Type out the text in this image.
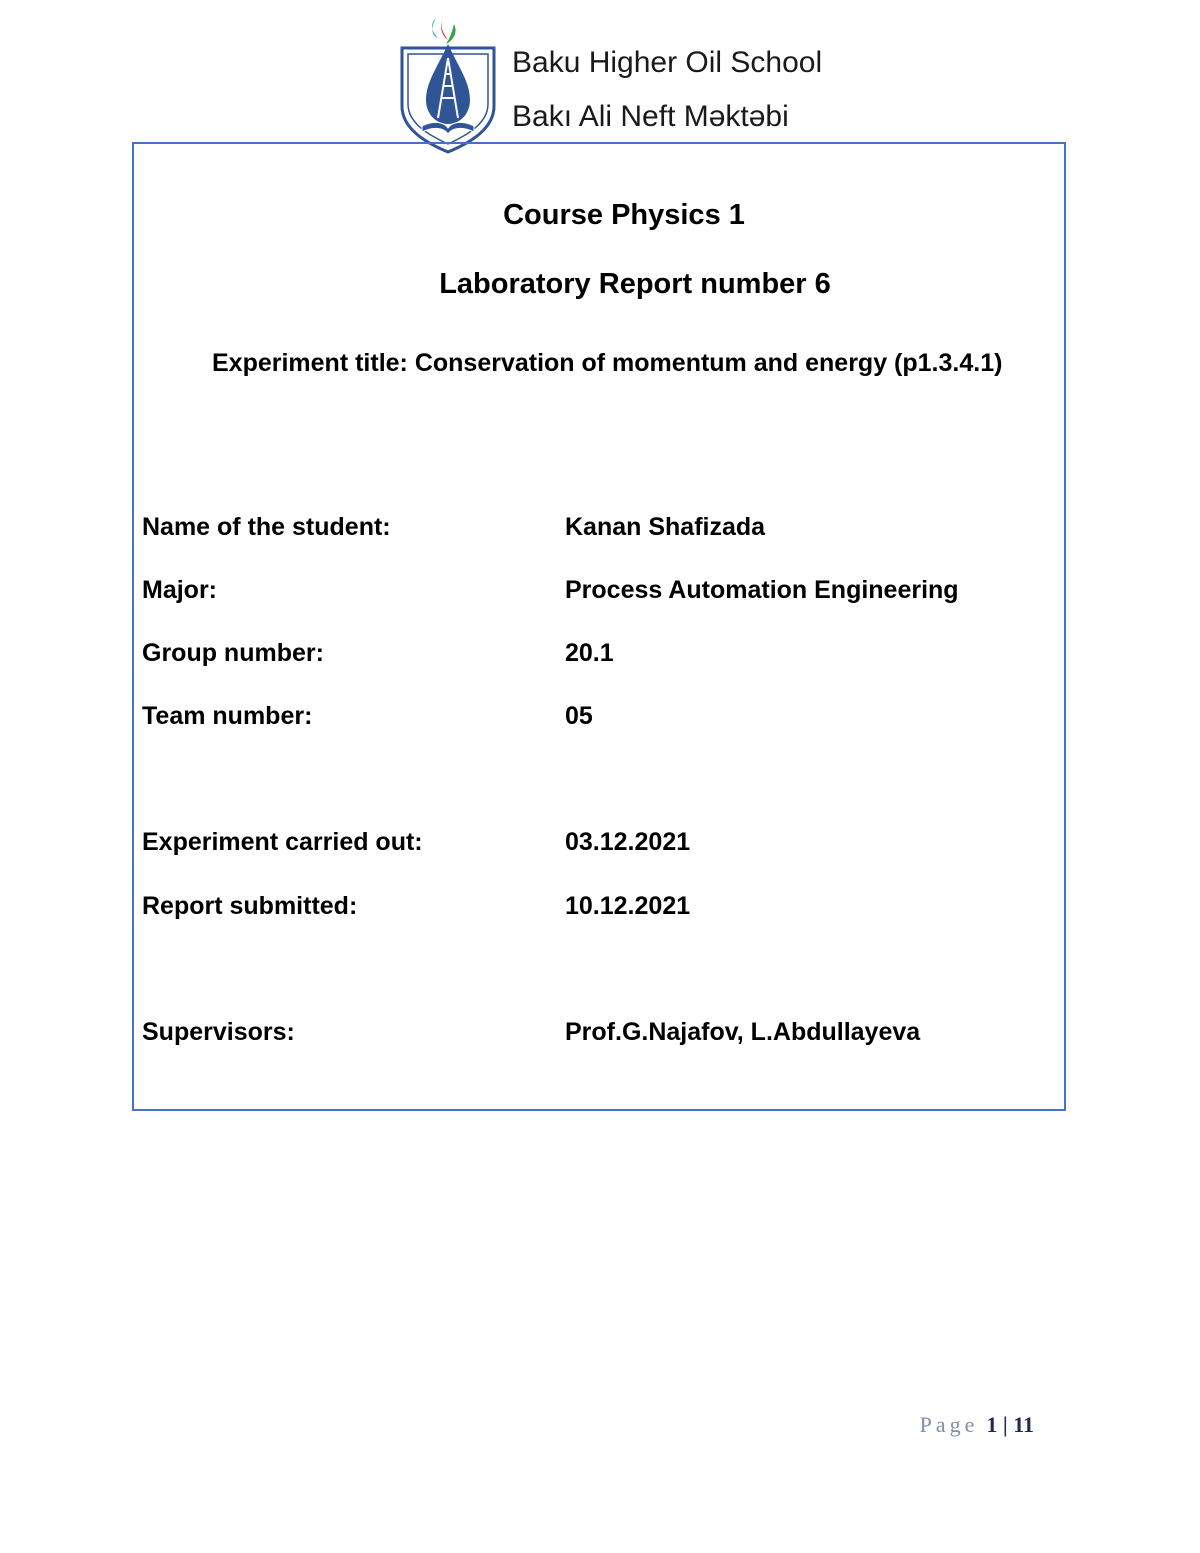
Baku Higher Oil School
Bakı Ali Neft Məktəbi
Course Physics 1
Laboratory Report number 6
Experiment title: Conservation of momentum and energy (p1.3.4.1)
Name of the student:	Kanan Shafizada
Major:	Process Automation Engineering
Group number:	20.1
Team number:	05
Experiment carried out:	03.12.2021
Report submitted:	10.12.2021
Supervisors:	Prof.G.Najafov, L.Abdullayeva
Page 1 | 11
